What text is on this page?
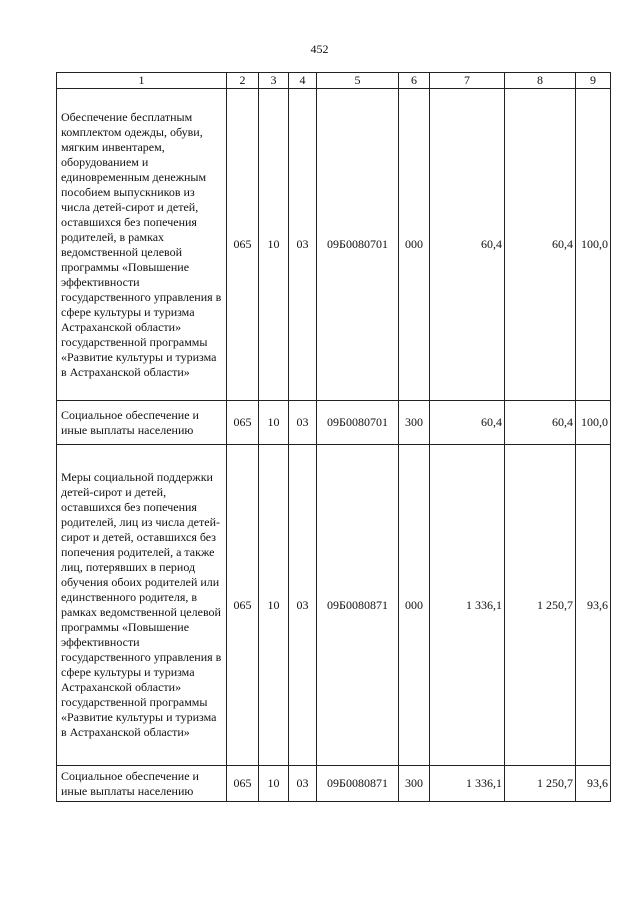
452
1	2	3	4	5	6	7	8	9
Обеспечение бесплатным комплектом одежды, обуви, мягким инвентарем, оборудованием и единовременным денежным пособием выпускников из числа детей-сирот и детей, оставшихся без попечения родителей, в рамках ведомственной целевой программы «Повышение эффективности государственного управления в сфере культуры и туризма Астраханской области» государственной программы «Развитие культуры и туризма в Астраханской области»	065	10	03	09Б0080701	000	60,4	60,4	100,0
Социальное обеспечение и иные выплаты населению	065	10	03	09Б0080701	300	60,4	60,4	100,0
Меры социальной поддержки детей-сирот и детей, оставшихся без попечения родителей, лиц из числа детей-сирот и детей, оставшихся без попечения родителей, а также лиц, потерявших в период обучения обоих родителей или единственного родителя, в рамках ведомственной целевой программы «Повышение эффективности государственного управления в сфере культуры и туризма Астраханской области» государственной программы «Развитие культуры и туризма в Астраханской области»	065	10	03	09Б0080871	000	1 336,1	1 250,7	93,6
Социальное обеспечение и иные выплаты населению	065	10	03	09Б0080871	300	1 336,1	1 250,7	93,6
